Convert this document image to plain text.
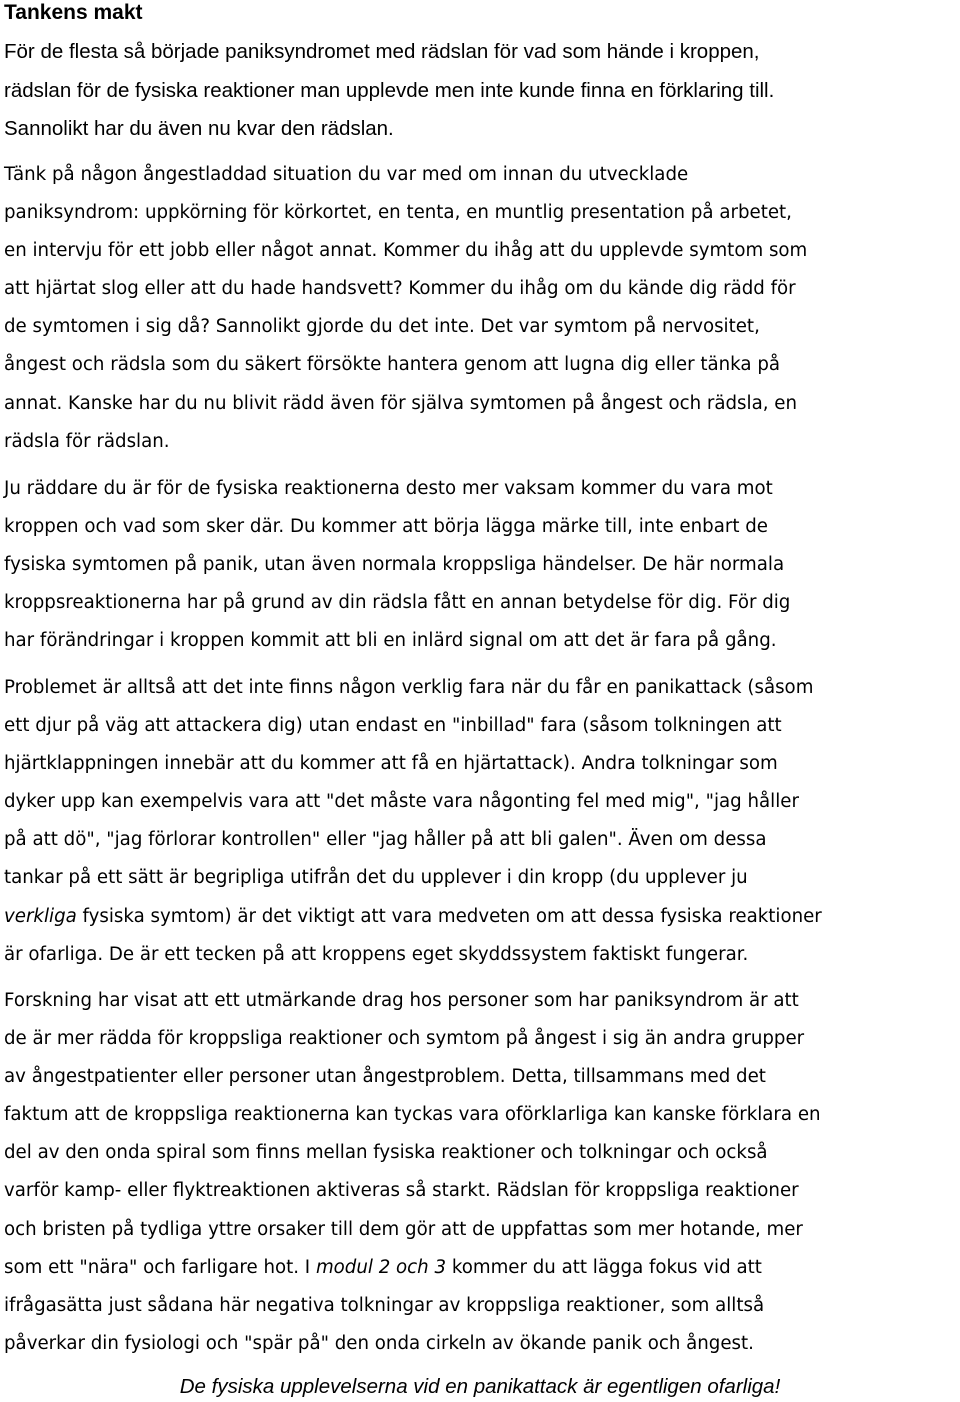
Tankens makt

För de flesta så började paniksyndromet med rädslan för vad som hände i kroppen,
rädslan för de fysiska reaktioner man upplevde men inte kunde finna en förklaring till.
Sannolikt har du även nu kvar den rädslan.

Tänk på någon ångestladdad situation du var med om innan du utvecklade
paniksyndrom: uppkörning för körkortet, en tenta, en muntlig presentation på arbetet,
en intervju för ett jobb eller något annat. Kommer du ihåg att du upplevde symtom som
att hjärtat slog eller att du hade handsvett? Kommer du ihåg om du kände dig rädd för
de symtomen i sig då? Sannolikt gjorde du det inte. Det var symtom på nervositet,
ångest och rädsla som du säkert försökte hantera genom att lugna dig eller tänka på
annat. Kanske har du nu blivit rädd även för själva symtomen på ångest och rädsla, en
rädsla för rädslan.

Ju räddare du är för de fysiska reaktionerna desto mer vaksam kommer du vara mot
kroppen och vad som sker där. Du kommer att börja lägga märke till, inte enbart de
fysiska symtomen på panik, utan även normala kroppsliga händelser. De här normala
kroppsreaktionerna har på grund av din rädsla fått en annan betydelse för dig. För dig
har förändringar i kroppen kommit att bli en inlärd signal om att det är fara på gång.

Problemet är alltså att det inte finns någon verklig fara när du får en panikattack (såsom
ett djur på väg att attackera dig) utan endast en "inbillad" fara (såsom tolkningen att
hjärtklappningen innebär att du kommer att få en hjärtattack). Andra tolkningar som
dyker upp kan exempelvis vara att "det måste vara någonting fel med mig", "jag håller
på att dö", "jag förlorar kontrollen" eller "jag håller på att bli galen". Även om dessa
tankar på ett sätt är begripliga utifrån det du upplever i din kropp (du upplever ju
verkliga fysiska symtom) är det viktigt att vara medveten om att dessa fysiska reaktioner
är ofarliga. De är ett tecken på att kroppens eget skyddssystem faktiskt fungerar.

Forskning har visat att ett utmärkande drag hos personer som har paniksyndrom är att
de är mer rädda för kroppsliga reaktioner och symtom på ångest i sig än andra grupper
av ångestpatienter eller personer utan ångestproblem. Detta, tillsammans med det
faktum att de kroppsliga reaktionerna kan tyckas vara oförklarliga kan kanske förklara en
del av den onda spiral som finns mellan fysiska reaktioner och tolkningar och också
varför kamp- eller flyktreaktionen aktiveras så starkt. Rädslan för kroppsliga reaktioner
och bristen på tydliga yttre orsaker till dem gör att de uppfattas som mer hotande, mer
som ett "nära" och farligare hot. I modul 2 och 3 kommer du att lägga fokus vid att
ifrågasätta just sådana här negativa tolkningar av kroppsliga reaktioner, som alltså
påverkar din fysiologi och "spär på" den onda cirkeln av ökande panik och ångest.

De fysiska upplevelserna vid en panikattack är egentligen ofarliga!
